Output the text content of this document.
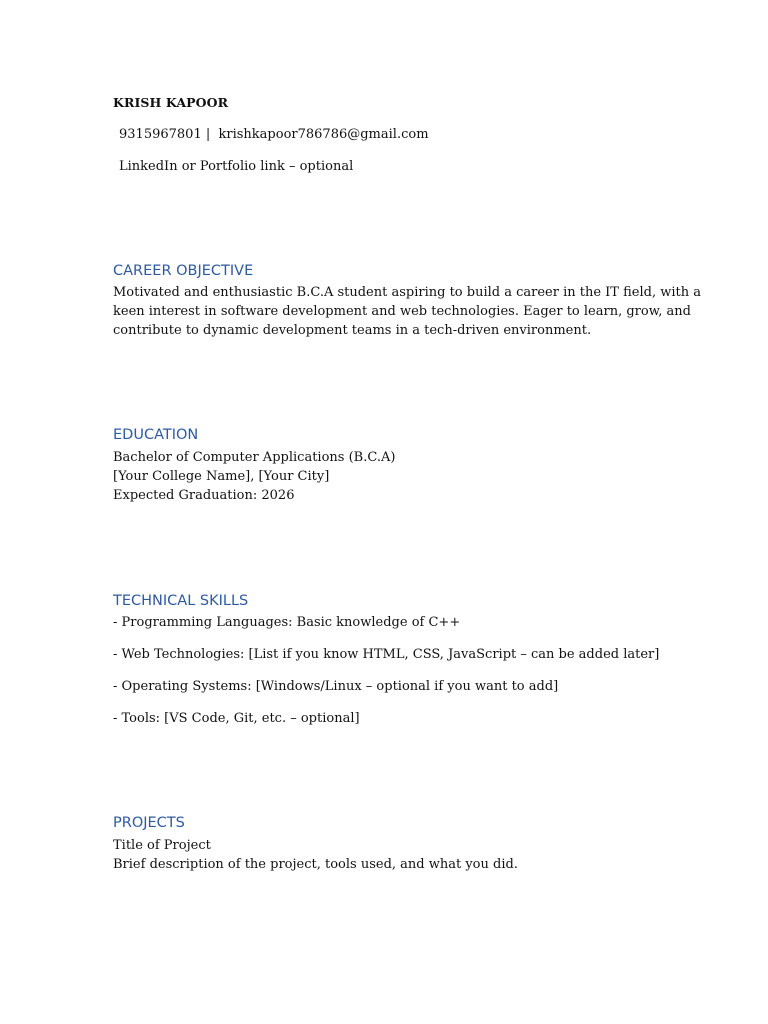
KRISH KAPOOR

9315967801 | krishkapoor786786@gmail.com

LinkedIn or Portfolio link – optional

CAREER OBJECTIVE
Motivated and enthusiastic B.C.A student aspiring to build a career in the IT field, with a
keen interest in software development and web technologies. Eager to learn, grow, and
contribute to dynamic development teams in a tech-driven environment.
EDUCATION
Bachelor of Computer Applications (B.C.A)
[Your College Name], [Your City]
Expected Graduation: 2026
TECHNICAL SKILLS

- Programming Languages: Basic knowledge of C++

- Web Technologies: [List if you know HTML, CSS, JavaScript – can be added later]

- Operating Systems: [Windows/Linux – optional if you want to add]

- Tools: [VS Code, Git, etc. – optional]

PROJECTS
Title of Project
Brief description of the project, tools used, and what you did.
